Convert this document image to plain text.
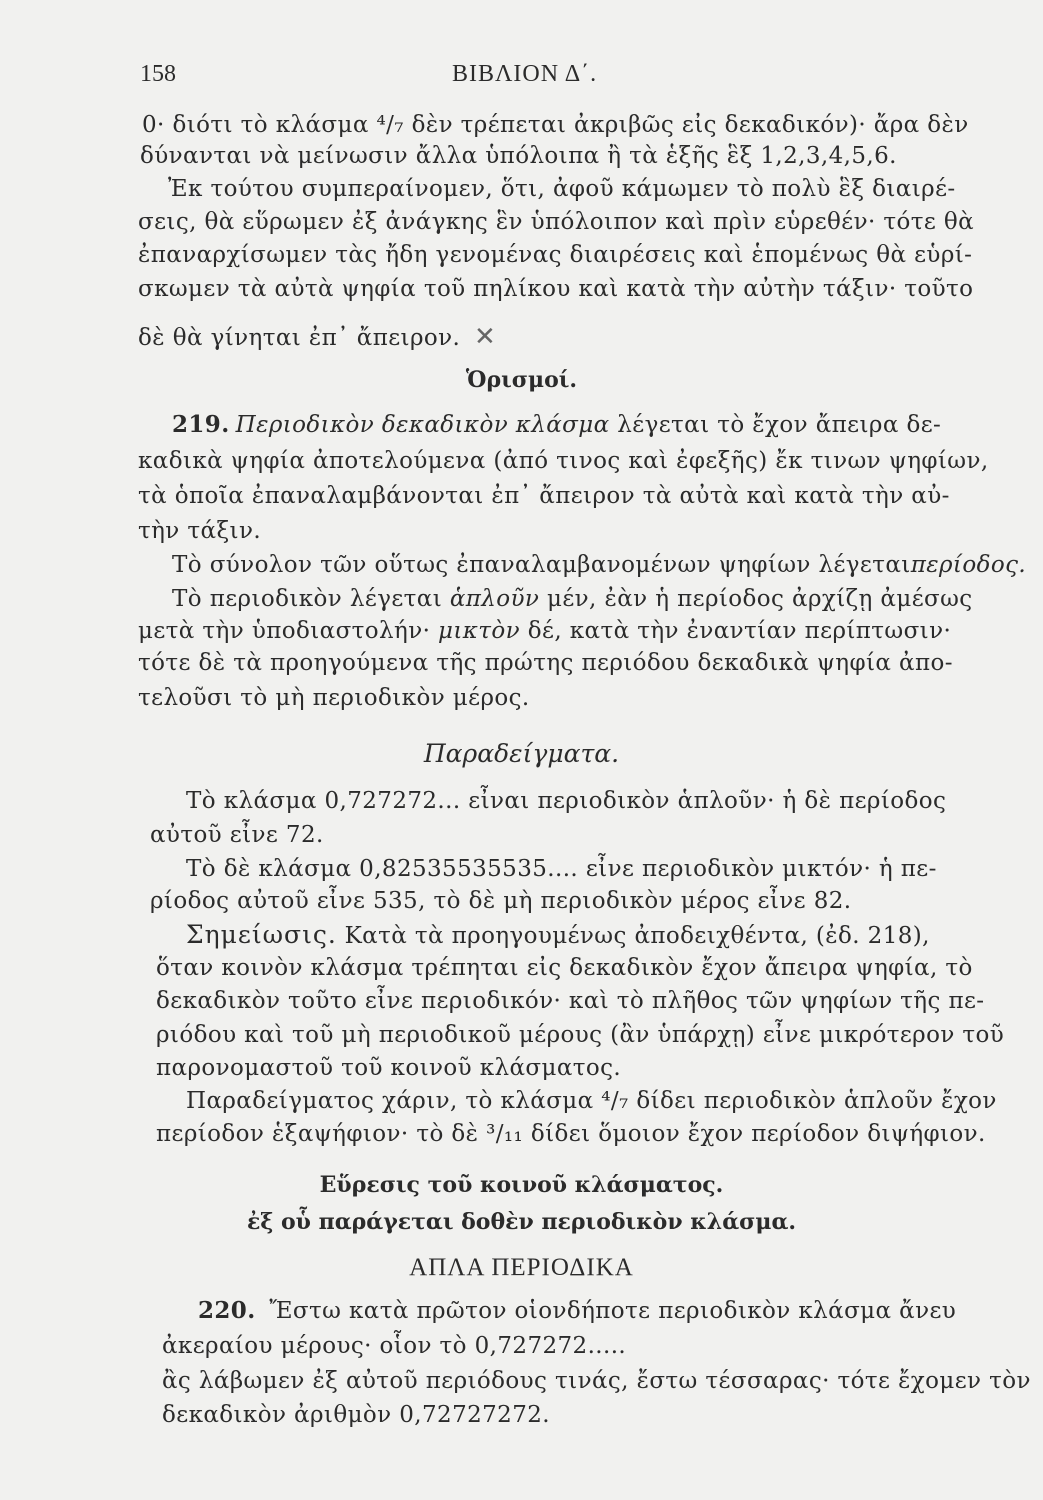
158	ΒΙΒΛΙΟΝ Δ΄.

0· διότι τὸ κλάσμα ⁴/₇ δὲν τρέπεται ἀκριβῶς εἰς δεκαδικόν)· ἄρα δὲν

δύνανται νὰ μείνωσιν ἄλλα ὑπόλοιπα ἢ τὰ ἑξῆς ἓξ 1,2,3,4,5,6.

Ἐκ τούτου συμπεραίνομεν, ὅτι, ἀφοῦ κάμωμεν τὸ πολὺ ἓξ διαιρέ-

σεις, θὰ εὕρωμεν ἐξ ἀνάγκης ἓν ὑπόλοιπον καὶ πρὶν εὑρεθέν· τότε θὰ

ἐπαναρχίσωμεν τὰς ἤδη γενομένας διαιρέσεις καὶ ἑπομένως θὰ εὑρί-

σκωμεν τὰ αὐτὰ ψηφία τοῦ πηλίκου καὶ κατὰ τὴν αὐτὴν τάξιν· τοῦτο

δὲ θὰ γίνηται ἐπ᾽ ἄπειρον. ✕

Ὁρισμοί.

219. Περιοδικὸν δεκαδικὸν κλάσμα λέγεται τὸ ἔχον ἄπειρα δε-

καδικὰ ψηφία ἀποτελούμενα (ἀπό τινος καὶ ἐφεξῆς) ἔκ τινων ψηφίων,

τὰ ὁποῖα ἐπαναλαμβάνονται ἐπ᾽ ἄπειρον τὰ αὐτὰ καὶ κατὰ τὴν αὐ-

τὴν τάξιν.

Τὸ σύνολον τῶν οὕτως ἐπαναλαμβανομένων ψηφίων λέγεταιπερίοδος.

Τὸ περιοδικὸν λέγεται ἁπλοῦν μέν, ἐὰν ἡ περίοδος ἀρχίζῃ ἀμέσως

μετὰ τὴν ὑποδιαστολήν· μικτὸν δέ, κατὰ τὴν ἐναντίαν περίπτωσιν·

τότε δὲ τὰ προηγούμενα τῆς πρώτης περιόδου δεκαδικὰ ψηφία ἀπο-

τελοῦσι τὸ μὴ περιοδικὸν μέρος.

Παραδείγματα.

Τὸ κλάσμα 0,727272... εἶναι περιοδικὸν ἁπλοῦν· ἡ δὲ περίοδος

αὐτοῦ εἶνε 72.

Τὸ δὲ κλάσμα 0,82535535535.... εἶνε περιοδικὸν μικτόν· ἡ πε-

ρίοδος αὐτοῦ εἶνε 535, τὸ δὲ μὴ περιοδικὸν μέρος εἶνε 82.

Σημείωσις. Κατὰ τὰ προηγουμένως ἀποδειχθέντα, (ἐδ. 218),

ὅταν κοινὸν κλάσμα τρέπηται εἰς δεκαδικὸν ἔχον ἄπειρα ψηφία, τὸ

δεκαδικὸν τοῦτο εἶνε περιοδικόν· καὶ τὸ πλῆθος τῶν ψηφίων τῆς πε-

ριόδου καὶ τοῦ μὴ περιοδικοῦ μέρους (ἂν ὑπάρχῃ) εἶνε μικρότερον τοῦ

παρονομαστοῦ τοῦ κοινοῦ κλάσματος.

Παραδείγματος χάριν, τὸ κλάσμα ⁴/₇ δίδει περιοδικὸν ἁπλοῦν ἔχον

περίοδον ἑξαψήφιον· τὸ δὲ ³/₁₁ δίδει ὅμοιον ἔχον περίοδον διψήφιον.

Εὕρεσις τοῦ κοινοῦ κλάσματος.

ἐξ οὗ παράγεται δοθὲν περιοδικὸν κλάσμα.

ΑΠΛΑ ΠΕΡΙΟΔΙΚΑ

220. Ἔστω κατὰ πρῶτον οἱονδήποτε περιοδικὸν κλάσμα ἄνευ

ἀκεραίου μέρους· οἷον τὸ 0,727272.....

ἂς λάβωμεν ἐξ αὐτοῦ περιόδους τινάς, ἔστω τέσσαρας· τότε ἔχομεν τὸν

δεκαδικὸν ἀριθμὸν 0,72727272.
